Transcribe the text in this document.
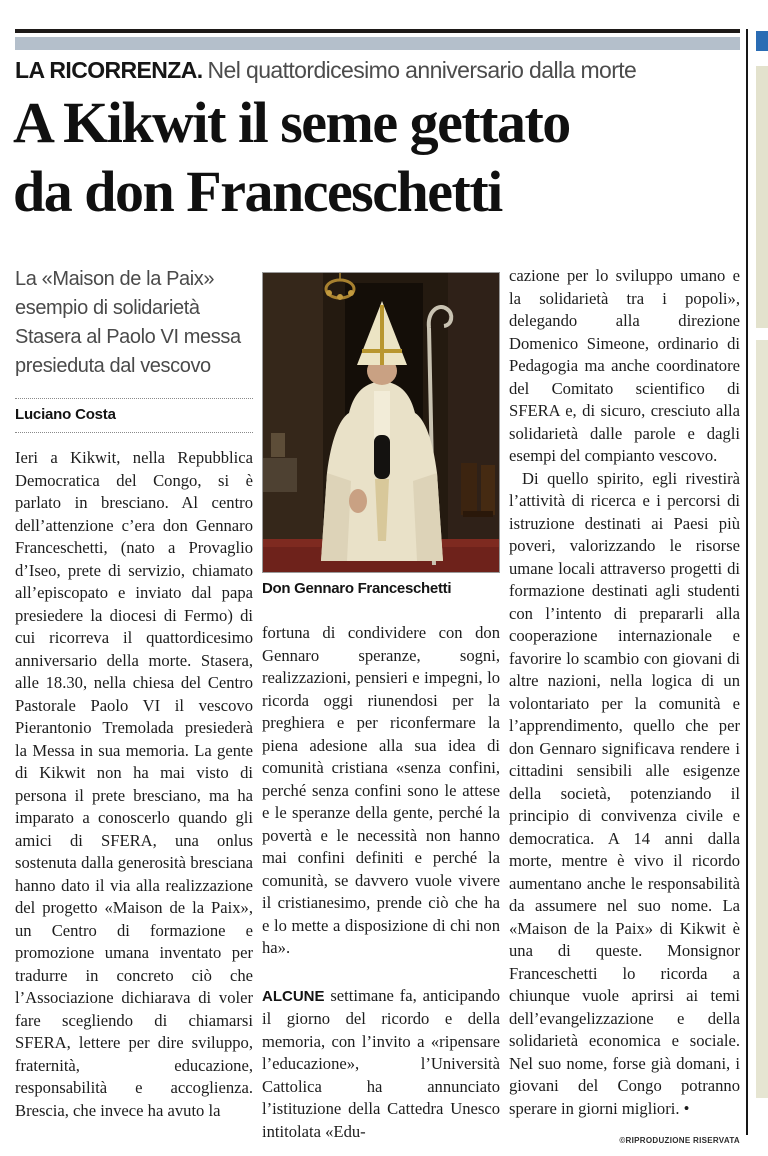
LA RICORRENZA. Nel quattordicesimo anniversario dalla morte
A Kikwit il seme gettato
da don Franceschetti
La «Maison de la Paix»
esempio di solidarietà
Stasera al Paolo VI messa
presieduta dal vescovo
Luciano Costa

Ieri a Kikwit, nella Repubblica Democratica del Congo, si è parlato in bresciano. Al centro dell’attenzione c’era don Gennaro Franceschetti, (nato a Provaglio d’Iseo, prete di servizio, chiamato all’episcopato e inviato dal papa presiedere la diocesi di Fermo) di cui ricorreva il quattordicesimo anniversario della morte. Stasera, alle 18.30, nella chiesa del Centro Pastorale Paolo VI il vescovo Pierantonio Tremolada presiederà la Messa in sua memoria. La gente di Kikwit non ha mai visto di persona il prete bresciano, ma ha imparato a conoscerlo quando gli amici di SFERA, una onlus sostenuta dalla generosità bresciana hanno dato il via alla realizzazione del progetto «Maison de la Paix», un Centro di formazione e promozione umana inventato per tradurre in concreto ciò che l’Associazione dichiarava di voler fare scegliendo di chiamarsi SFERA, lettere per dire sviluppo, fraternità, educazione, responsabilità e accoglienza. Brescia, che invece ha avuto la

Don Gennaro Franceschetti

fortuna di condividere con don Gennaro speranze, sogni, realizzazioni, pensieri e impegni, lo ricorda oggi riunendosi per la preghiera e per riconfermare la piena adesione alla sua idea di comunità cristiana «senza confini, perché senza confini sono le attese e le speranze della gente, perché la povertà e le necessità non hanno mai confini definiti e perché la comunità, se davvero vuole vivere il cristianesimo, prende ciò che ha e lo mette a disposizione di chi non ha».

ALCUNE settimane fa, anticipando il giorno del ricordo e della memoria, con l’invito a «ripensare l’educazione», l’Università Cattolica ha annunciato l’istituzione della Cattedra Unesco intitolata «Edu-

cazione per lo sviluppo umano e la solidarietà tra i popoli», delegando alla direzione Domenico Simeone, ordinario di Pedagogia ma anche coordinatore del Comitato scientifico di SFERA e, di sicuro, cresciuto alla solidarietà dalle parole e dagli esempi del compianto vescovo.

Di quello spirito, egli rivestirà l’attività di ricerca e i percorsi di istruzione destinati ai Paesi più poveri, valorizzando le risorse umane locali attraverso progetti di formazione destinati agli studenti con l’intento di prepararli alla cooperazione internazionale e favorire lo scambio con giovani di altre nazioni, nella logica di un volontariato per la comunità e l’apprendimento, quello che per don Gennaro significava rendere i cittadini sensibili alle esigenze della società, potenziando il principio di convivenza civile e democratica. A 14 anni dalla morte, mentre è vivo il ricordo aumentano anche le responsabilità da assumere nel suo nome. La «Maison de la Paix» di Kikwit è una di queste. Monsignor Franceschetti lo ricorda a chiunque vuole aprirsi ai temi dell’evangelizzazione e della solidarietà economica e sociale. Nel suo nome, forse già domani, i giovani del Congo potranno sperare in giorni migliori. •

©RIPRODUZIONE RISERVATA
